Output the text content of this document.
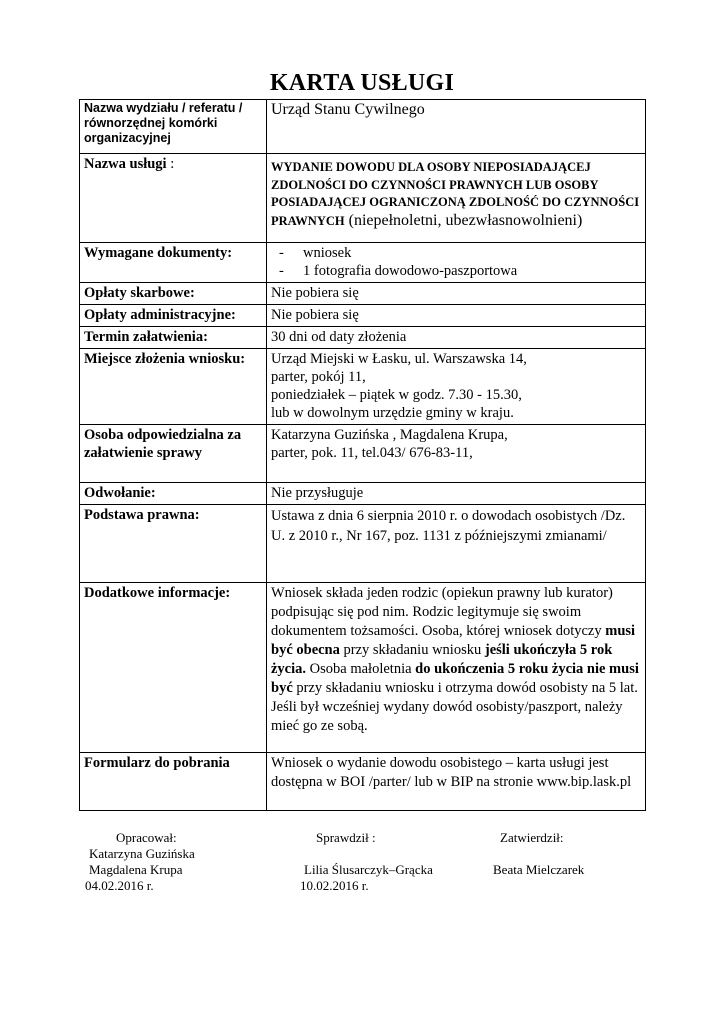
KARTA USŁUGI
Nazwa wydziału / referatu / równorzędnej komórki organizacyjnej	Urząd Stanu Cywilnego
Nazwa usługi :	WYDANIE DOWODU DLA OSOBY NIEPOSIADAJĄCEJ ZDOLNOŚCI DO CZYNNOŚCI PRAWNYCH LUB OSOBY POSIADAJĄCEJ OGRANICZONĄ ZDOLNOŚĆ DO CZYNNOŚCI PRAWNYCH (niepełnoletni, ubezwłasnowolnieni)

Wymagane dokumenty:	- wniosek
- 1 fotografia dowodowo-paszportowa

Opłaty skarbowe:	Nie pobiera się
Opłaty administracyjne:	Nie pobiera się
Termin załatwienia:	30 dni od daty złożenia
Miejsce złożenia wniosku:	Urząd Miejski w Łasku, ul. Warszawska 14,
parter, pokój 11,
poniedziałek – piątek w godz. 7.30 - 15.30,
lub w dowolnym urzędzie gminy w kraju.

Osoba odpowiedzialna za załatwienie sprawy	Katarzyna Guzińska , Magdalena Krupa,
parter, pok. 11, tel.043/ 676-83-11,

Odwołanie:	Nie przysługuje
Podstawa prawna:	Ustawa z dnia 6 sierpnia 2010 r. o dowodach osobistych /Dz. U. z 2010 r., Nr 167, poz. 1131 z późniejszymi zmianami/
Dodatkowe informacje:	Wniosek składa jeden rodzic (opiekun prawny lub kurator) podpisując się pod nim. Rodzic legitymuje się swoim dokumentem tożsamości. Osoba, której wniosek dotyczy musi być obecna przy składaniu wniosku jeśli ukończyła 5 rok życia. Osoba małoletnia do ukończenia 5 roku życia nie musi być przy składaniu wniosku i otrzyma dowód osobisty na 5 lat.
Jeśli był wcześniej wydany dowód osobisty/paszport, należy mieć go ze sobą.

Formularz do pobrania	Wniosek o wydanie dowodu osobistego – karta usługi jest dostępna w BOI /parter/ lub w BIP na stronie www.bip.lask.pl
Opracował:
Katarzyna Guzińska
Magdalena Krupa
04.02.2016 r.
Sprawdził :

Lilia Ślusarczyk–Grącka
10.02.2016 r.
Zatwierdził:

Beata Mielczarek
